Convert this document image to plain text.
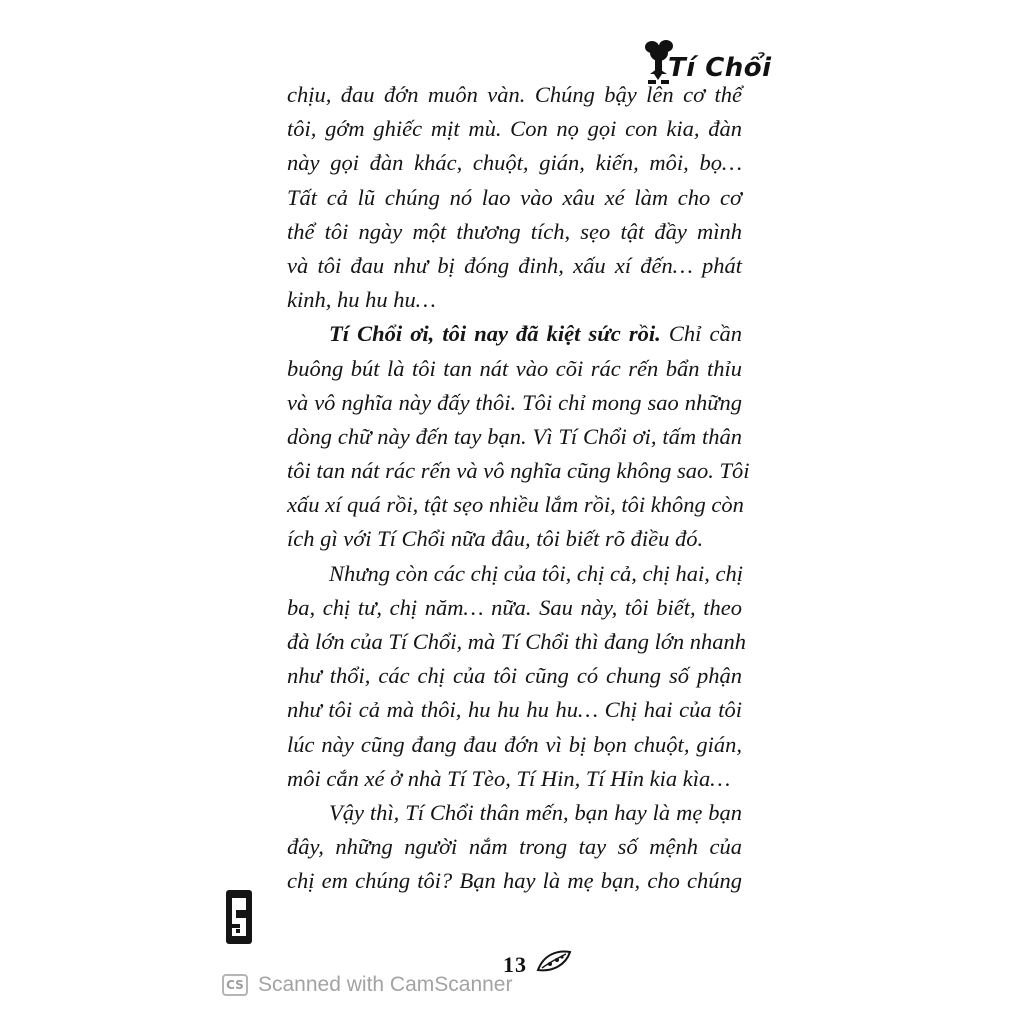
Tí Chổi
chịu, đau đớn muôn vàn. Chúng bậy lên cơ thể
tôi, gớm ghiếc mịt mù. Con nọ gọi con kia, đàn
này gọi đàn khác, chuột, gián, kiến, môi, bọ…
Tất cả lũ chúng nó lao vào xâu xé làm cho cơ
thể tôi ngày một thương tích, sẹo tật đầy mình
và tôi đau như bị đóng đinh, xấu xí đến… phát
kinh, hu hu hu…
Tí Chổi ơi, tôi nay đã kiệt sức rồi. Chỉ cần
buông bút là tôi tan nát vào cõi rác rến bẩn thỉu
và vô nghĩa này đấy thôi. Tôi chỉ mong sao những
dòng chữ này đến tay bạn. Vì Tí Chổi ơi, tấm thân
tôi tan nát rác rến và vô nghĩa cũng không sao. Tôi
xấu xí quá rồi, tật sẹo nhiều lắm rồi, tôi không còn
ích gì với Tí Chổi nữa đâu, tôi biết rõ điều đó.
Nhưng còn các chị của tôi, chị cả, chị hai, chị
ba, chị tư, chị năm… nữa. Sau này, tôi biết, theo
đà lớn của Tí Chổi, mà Tí Chổi thì đang lớn nhanh
như thổi, các chị của tôi cũng có chung số phận
như tôi cả mà thôi, hu hu hu hu… Chị hai của tôi
lúc này cũng đang đau đớn vì bị bọn chuột, gián,
môi cắn xé ở nhà Tí Tèo, Tí Hin, Tí Hỉn kia kìa…
Vậy thì, Tí Chổi thân mến, bạn hay là mẹ bạn
đây, những người nắm trong tay số mệnh của
chị em chúng tôi? Bạn hay là mẹ bạn, cho chúng
13
CS Scanned with CamScanner
